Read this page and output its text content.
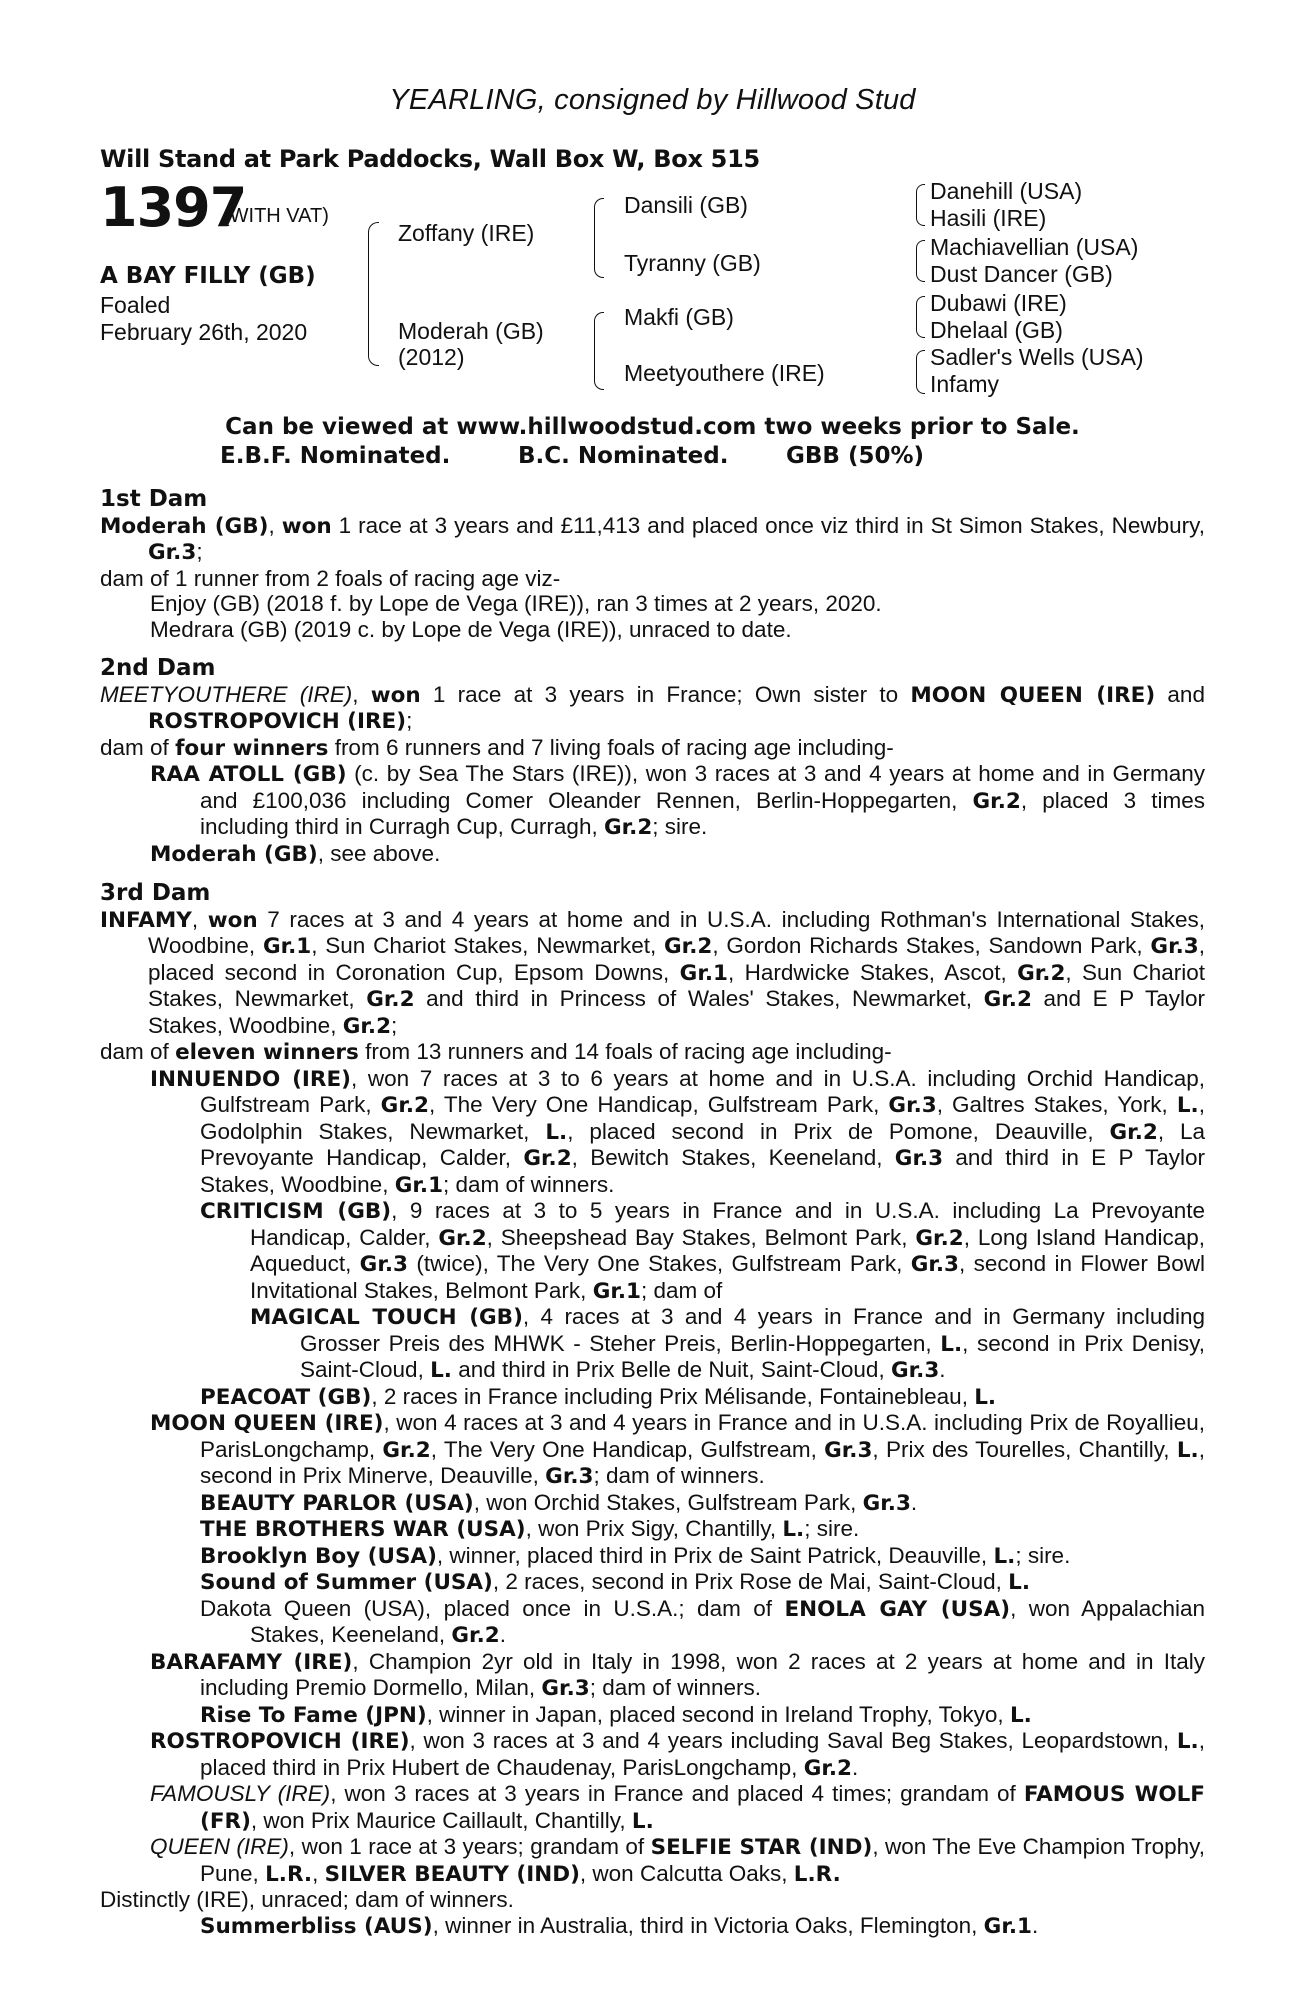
YEARLING, consigned by Hillwood Stud
Will Stand at Park Paddocks, Wall Box W, Box 515
1397
(WITH VAT)
A BAY FILLY (GB)
Foaled
February 26th, 2020
Zoffany (IRE)
Moderah (GB)
(2012)
Dansili (GB)
Tyranny (GB)
Makfi (GB)
Meetyouthere (IRE)
Danehill (USA)
Hasili (IRE)
Machiavellian (USA)
Dust Dancer (GB)
Dubawi (IRE)
Dhelaal (GB)
Sadler's Wells (USA)
Infamy
Can be viewed at www.hillwoodstud.com two weeks prior to Sale.
E.B.F. Nominated.	B.C. Nominated.	GBB (50%)
1st Dam
Moderah (GB), won 1 race at 3 years and £11,413 and placed once viz third in St Simon Stakes, Newbury, Gr.3;
dam of 1 runner from 2 foals of racing age viz-
Enjoy (GB) (2018 f. by Lope de Vega (IRE)), ran 3 times at 2 years, 2020.
Medrara (GB) (2019 c. by Lope de Vega (IRE)), unraced to date.
2nd Dam
MEETYOUTHERE (IRE), won 1 race at 3 years in France; Own sister to MOON QUEEN (IRE) and ROSTROPOVICH (IRE);
dam of four winners from 6 runners and 7 living foals of racing age including-
RAA ATOLL (GB) (c. by Sea The Stars (IRE)), won 3 races at 3 and 4 years at home and in Germany and £100,036 including Comer Oleander Rennen, Berlin-Hoppegarten, Gr.2, placed 3 times including third in Curragh Cup, Curragh, Gr.2; sire.
Moderah (GB), see above.
3rd Dam
INFAMY, won 7 races at 3 and 4 years at home and in U.S.A. including Rothman's International Stakes, Woodbine, Gr.1, Sun Chariot Stakes, Newmarket, Gr.2, Gordon Richards Stakes, Sandown Park, Gr.3, placed second in Coronation Cup, Epsom Downs, Gr.1, Hardwicke Stakes, Ascot, Gr.2, Sun Chariot Stakes, Newmarket, Gr.2 and third in Princess of Wales' Stakes, Newmarket, Gr.2 and E P Taylor Stakes, Woodbine, Gr.2;
dam of eleven winners from 13 runners and 14 foals of racing age including-
INNUENDO (IRE), won 7 races at 3 to 6 years at home and in U.S.A. including Orchid Handicap, Gulfstream Park, Gr.2, The Very One Handicap, Gulfstream Park, Gr.3, Galtres Stakes, York, L., Godolphin Stakes, Newmarket, L., placed second in Prix de Pomone, Deauville, Gr.2, La Prevoyante Handicap, Calder, Gr.2, Bewitch Stakes, Keeneland, Gr.3 and third in E P Taylor Stakes, Woodbine, Gr.1; dam of winners.
CRITICISM (GB), 9 races at 3 to 5 years in France and in U.S.A. including La Prevoyante Handicap, Calder, Gr.2, Sheepshead Bay Stakes, Belmont Park, Gr.2, Long Island Handicap, Aqueduct, Gr.3 (twice), The Very One Stakes, Gulfstream Park, Gr.3, second in Flower Bowl Invitational Stakes, Belmont Park, Gr.1; dam of
MAGICAL TOUCH (GB), 4 races at 3 and 4 years in France and in Germany including Grosser Preis des MHWK - Steher Preis, Berlin-Hoppegarten, L., second in Prix Denisy, Saint-Cloud, L. and third in Prix Belle de Nuit, Saint-Cloud, Gr.3.
PEACOAT (GB), 2 races in France including Prix Mélisande, Fontainebleau, L.
MOON QUEEN (IRE), won 4 races at 3 and 4 years in France and in U.S.A. including Prix de Royallieu, ParisLongchamp, Gr.2, The Very One Handicap, Gulfstream, Gr.3, Prix des Tourelles, Chantilly, L., second in Prix Minerve, Deauville, Gr.3; dam of winners.
BEAUTY PARLOR (USA), won Orchid Stakes, Gulfstream Park, Gr.3.
THE BROTHERS WAR (USA), won Prix Sigy, Chantilly, L.; sire.
Brooklyn Boy (USA), winner, placed third in Prix de Saint Patrick, Deauville, L.; sire.
Sound of Summer (USA), 2 races, second in Prix Rose de Mai, Saint-Cloud, L.
Dakota Queen (USA), placed once in U.S.A.; dam of ENOLA GAY (USA), won Appalachian Stakes, Keeneland, Gr.2.
BARAFAMY (IRE), Champion 2yr old in Italy in 1998, won 2 races at 2 years at home and in Italy including Premio Dormello, Milan, Gr.3; dam of winners.
Rise To Fame (JPN), winner in Japan, placed second in Ireland Trophy, Tokyo, L.
ROSTROPOVICH (IRE), won 3 races at 3 and 4 years including Saval Beg Stakes, Leopardstown, L., placed third in Prix Hubert de Chaudenay, ParisLongchamp, Gr.2.
FAMOUSLY (IRE), won 3 races at 3 years in France and placed 4 times; grandam of FAMOUS WOLF (FR), won Prix Maurice Caillault, Chantilly, L.
QUEEN (IRE), won 1 race at 3 years; grandam of SELFIE STAR (IND), won The Eve Champion Trophy, Pune, L.R., SILVER BEAUTY (IND), won Calcutta Oaks, L.R.
Distinctly (IRE), unraced; dam of winners.
Summerbliss (AUS), winner in Australia, third in Victoria Oaks, Flemington, Gr.1.
